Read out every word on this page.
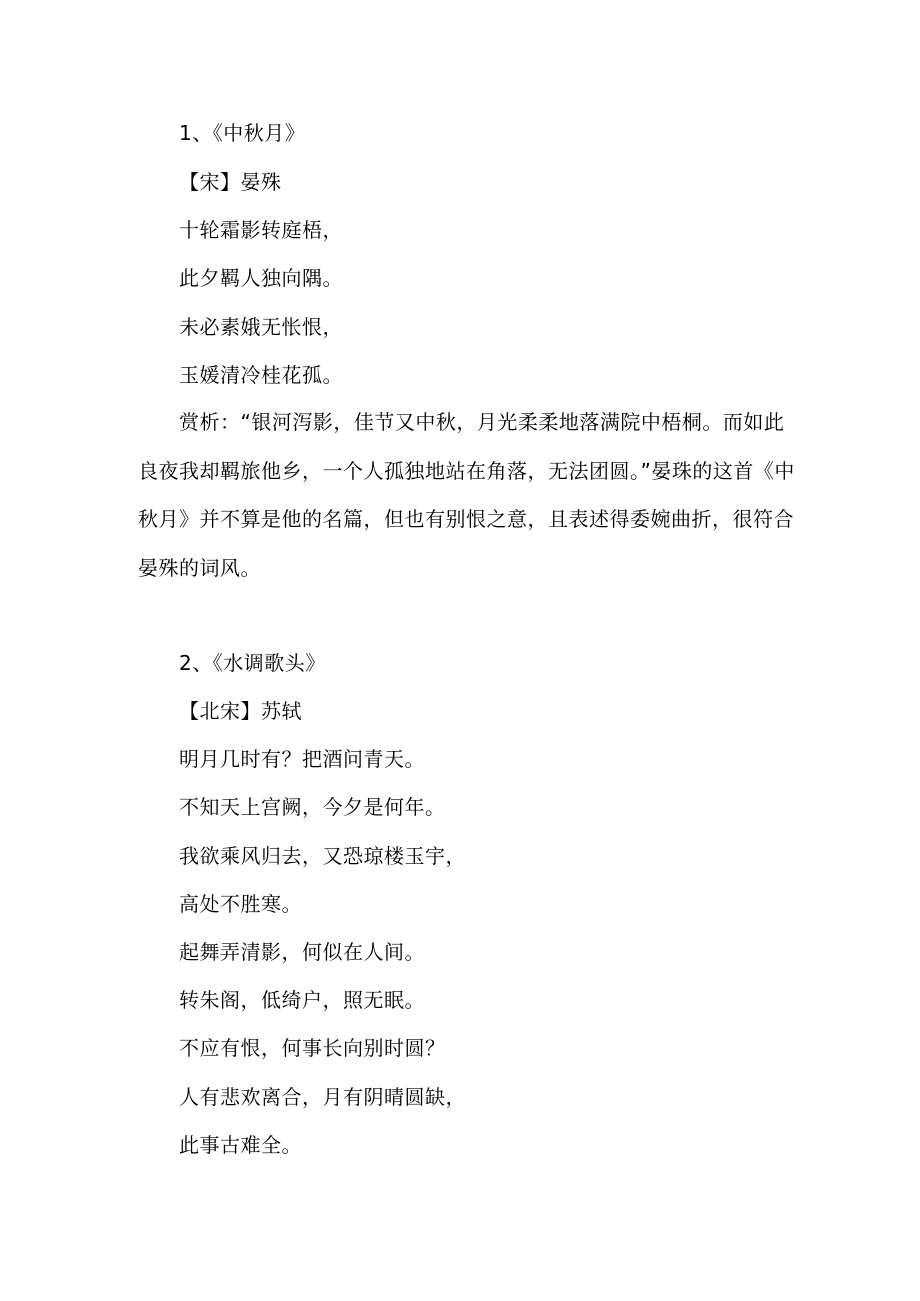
1、《中秋月》
【宋】晏殊
十轮霜影转庭梧，
此夕羁人独向隅。
未必素娥无怅恨，
玉媛清冷桂花孤。
赏析：“银河泻影，佳节又中秋，月光柔柔地落满院中梧桐。而如此良夜我却羁旅他乡，一个人孤独地站在角落，无法团圆。”晏珠的这首《中秋月》并不算是他的名篇，但也有别恨之意，且表述得委婉曲折，很符合晏殊的词风。
2、《水调歌头》
【北宋】苏轼
明月几时有？把酒问青天。
不知天上宫阙，今夕是何年。
我欲乘风归去，又恐琼楼玉宇，
高处不胜寒。
起舞弄清影，何似在人间。
转朱阁，低绮户，照无眠。
不应有恨，何事长向别时圆？
人有悲欢离合，月有阴晴圆缺，
此事古难全。
